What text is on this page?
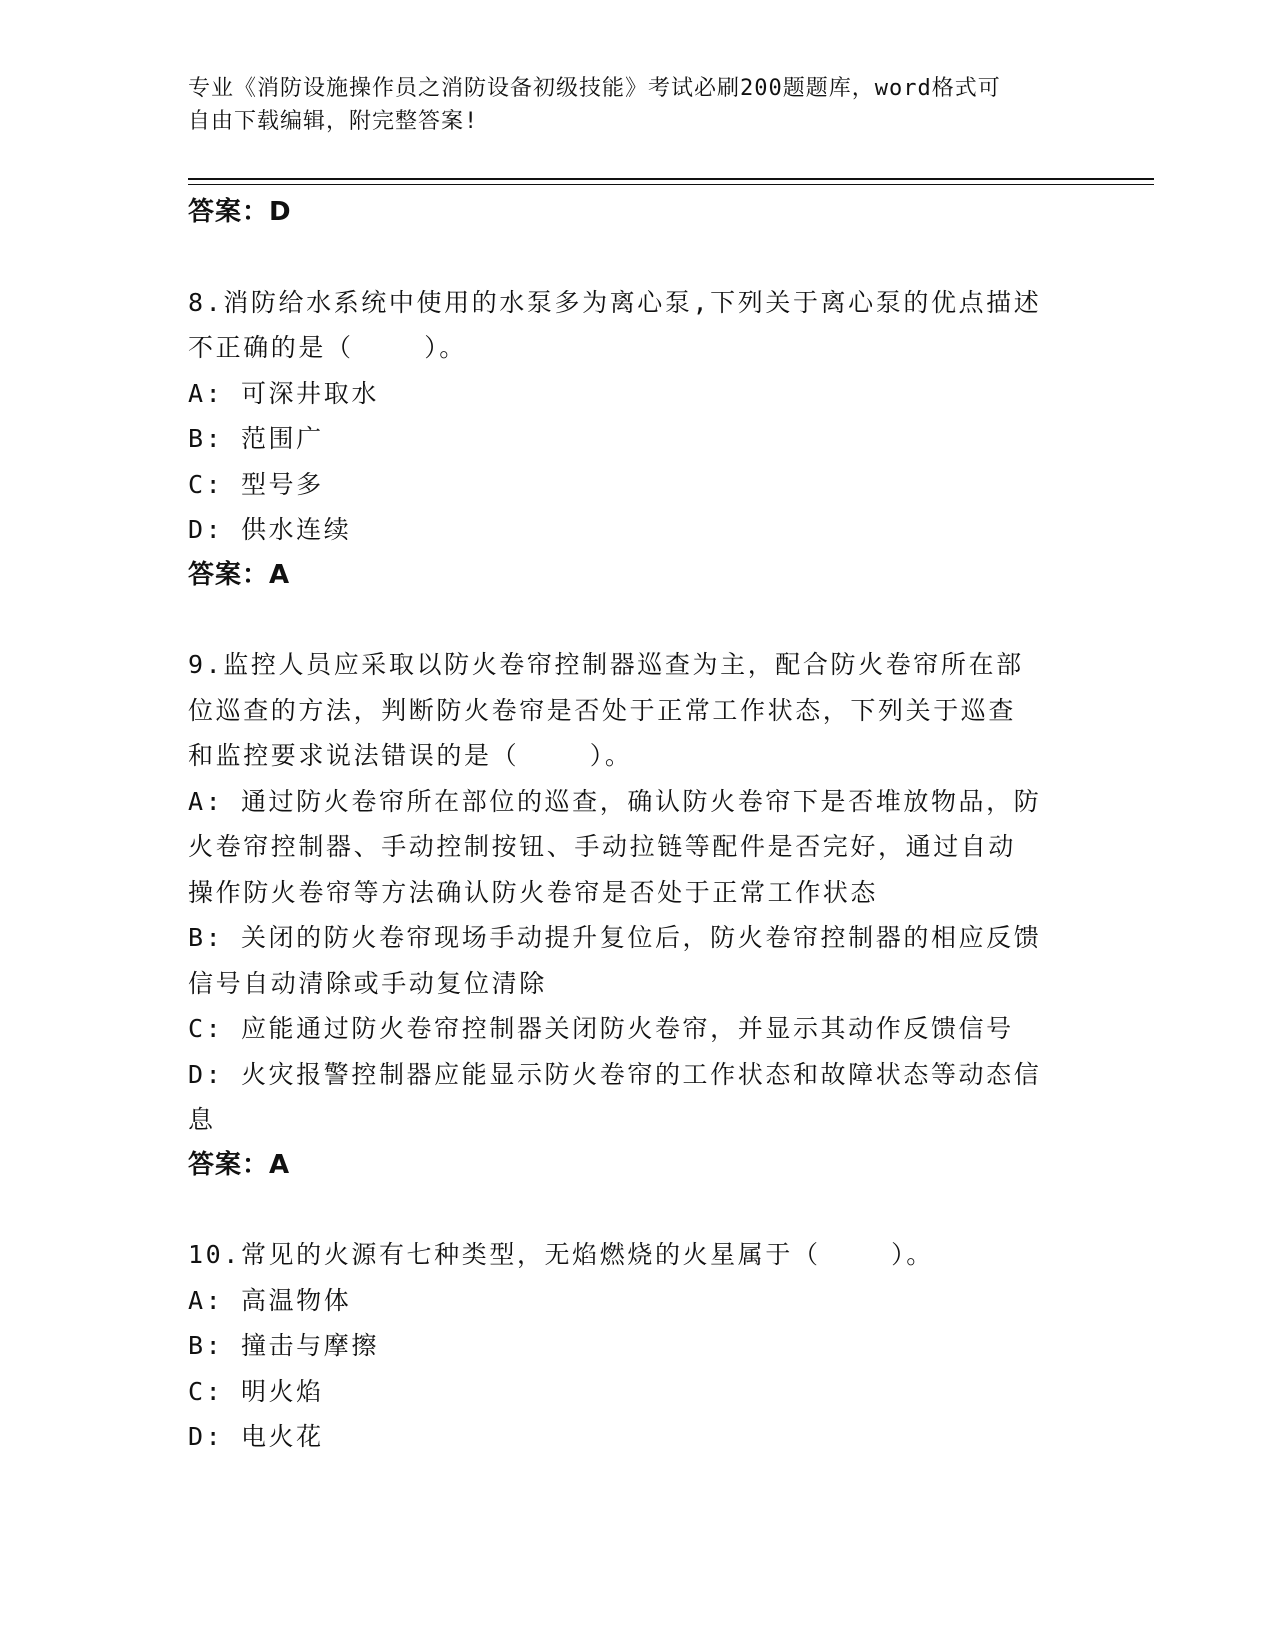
专业《消防设施操作员之消防设备初级技能》考试必刷200题题库，word格式可
自由下载编辑，附完整答案!
答案：D
8.消防给水系统中使用的水泵多为离心泵,下列关于离心泵的优点描述
不正确的是（    ）。
A: 可深井取水
B: 范围广
C: 型号多
D: 供水连续
答案：A
9.监控人员应采取以防火卷帘控制器巡查为主，配合防火卷帘所在部
位巡查的方法，判断防火卷帘是否处于正常工作状态，下列关于巡查
和监控要求说法错误的是（    ）。
A: 通过防火卷帘所在部位的巡查，确认防火卷帘下是否堆放物品，防
火卷帘控制器、手动控制按钮、手动拉链等配件是否完好，通过自动
操作防火卷帘等方法确认防火卷帘是否处于正常工作状态
B: 关闭的防火卷帘现场手动提升复位后，防火卷帘控制器的相应反馈
信号自动清除或手动复位清除
C: 应能通过防火卷帘控制器关闭防火卷帘，并显示其动作反馈信号
D: 火灾报警控制器应能显示防火卷帘的工作状态和故障状态等动态信
息
答案：A
10.常见的火源有七种类型，无焰燃烧的火星属于（    ）。
A: 高温物体
B: 撞击与摩擦
C: 明火焰
D: 电火花
